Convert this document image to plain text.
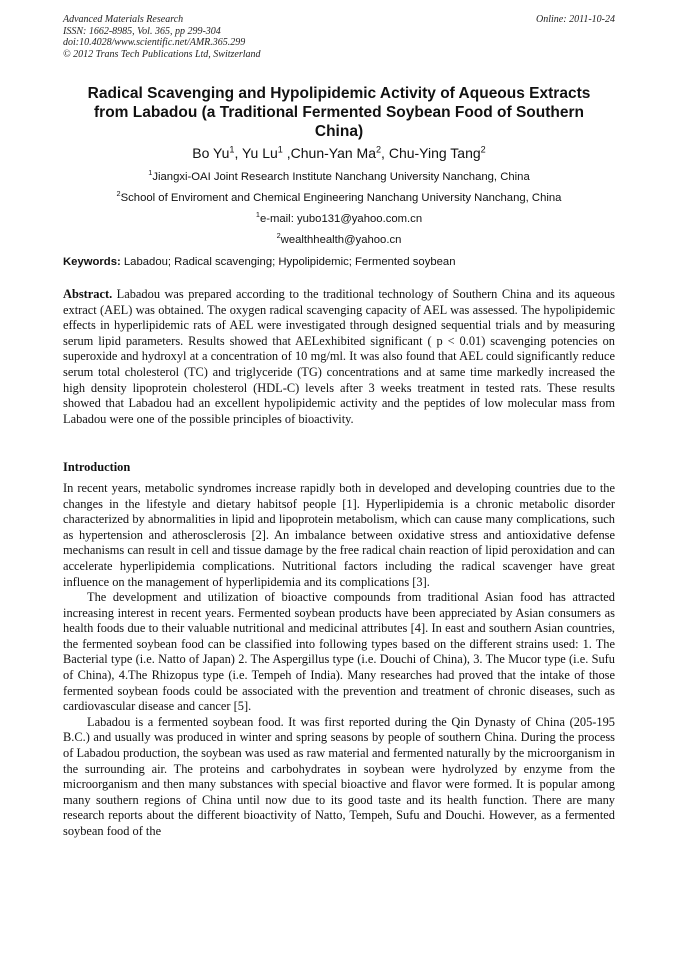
Advanced Materials Research
ISSN: 1662-8985, Vol. 365, pp 299-304
doi:10.4028/www.scientific.net/AMR.365.299
© 2012 Trans Tech Publications Ltd, Switzerland
Online: 2011-10-24
Radical Scavenging and Hypolipidemic Activity of Aqueous Extracts from Labadou (a Traditional Fermented Soybean Food of Southern China)
Bo Yu$^1$, Yu Lu$^1$ ,Chun-Yan Ma$^2$, Chu-Ying Tang$^2$
$^1$Jiangxi-OAI Joint Research Institute Nanchang University Nanchang, China
$^2$School of Enviroment and Chemical Engineering Nanchang University Nanchang, China
$^1$e-mail: yubo131@yahoo.com.cn
$^2$wealthhealth@yahoo.cn
Keywords: Labadou; Radical scavenging; Hypolipidemic; Fermented soybean
Abstract. Labadou was prepared according to the traditional technology of Southern China and its aqueous extract (AEL) was obtained. The oxygen radical scavenging capacity of AEL was assessed. The hypolipidemic effects in hyperlipidemic rats of AEL were investigated through designed sequential trials and by measuring serum lipid parameters. Results showed that AELexhibited significant ( p < 0.01) scavenging potencies on superoxide and hydroxyl at a concentration of 10 mg/ml. It was also found that AEL could significantly reduce serum total cholesterol (TC) and triglyceride (TG) concentrations and at same time markedly increased the high density lipoprotein cholesterol (HDL-C) levels after 3 weeks treatment in tested rats. These results showed that Labadou had an excellent hypolipidemic activity and the peptides of low molecular mass from Labadou were one of the possible principles of bioactivity.
Introduction

In recent years, metabolic syndromes increase rapidly both in developed and developing countries due to the changes in the lifestyle and dietary habitsof people [1]. Hyperlipidemia is a chronic metabolic disorder characterized by abnormalities in lipid and lipoprotein metabolism, which can cause many complications, such as hypertension and atherosclerosis [2]. An imbalance between oxidative stress and antioxidative defense mechanisms can result in cell and tissue damage by the free radical chain reaction of lipid peroxidation and can accelerate hyperlipidemia complications. Nutritional factors including the radical scavenger have great influence on the management of hyperlipidemia and its complications [3].

The development and utilization of bioactive compounds from traditional Asian food has attracted increasing interest in recent years. Fermented soybean products have been appreciated by Asian consumers as health foods due to their valuable nutritional and medicinal attributes [4]. In east and southern Asian countries, the fermented soybean food can be classified into following types based on the different strains used: 1. The Bacterial type (i.e. Natto of Japan) 2. The Aspergillus type (i.e. Douchi of China), 3. The Mucor type (i.e. Sufu of China), 4.The Rhizopus type (i.e. Tempeh of India). Many researches had proved that the intake of those fermented soybean foods could be associated with the prevention and treatment of chronic diseases, such as cardiovascular disease and cancer [5].

Labadou is a fermented soybean food. It was first reported during the Qin Dynasty of China (205-195 B.C.) and usually was produced in winter and spring seasons by people of southern China. During the process of Labadou production, the soybean was used as raw material and fermented naturally by the microorganism in the surrounding air. The proteins and carbohydrates in soybean were hydrolyzed by enzyme from the microorganism and then many substances with special bioactive and flavor were formed. It is popular among many southern regions of China until now due to its good taste and its health function. There are many research reports about the different bioactivity of Natto, Tempeh, Sufu and Douchi. However, as a fermented soybean food of the
